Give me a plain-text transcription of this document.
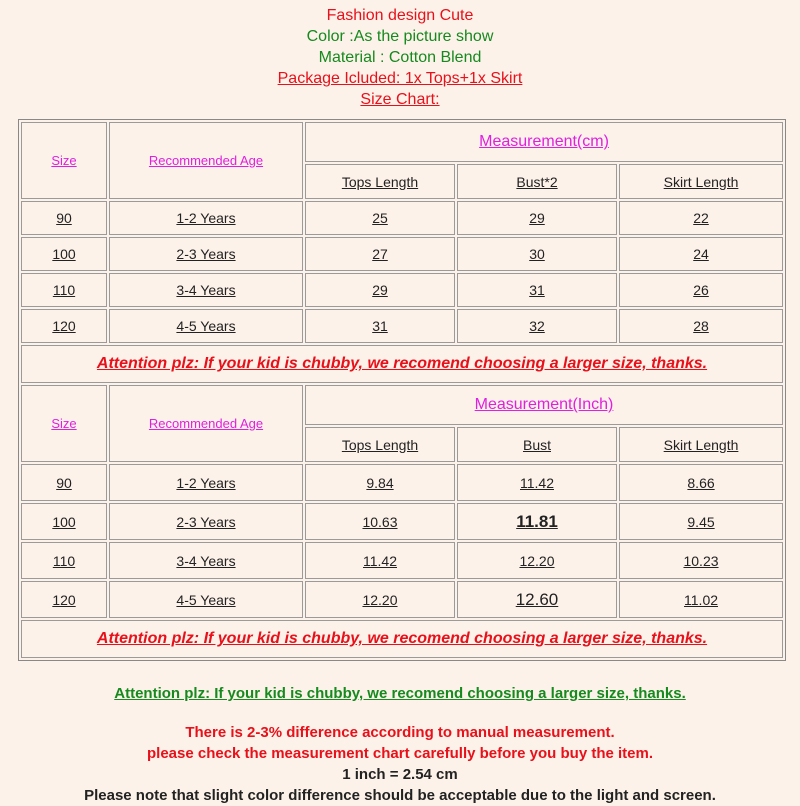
Fashion design Cute
Color :As the picture show
Material : Cotton Blend
Package Icluded: 1x Tops+1x Skirt
Size Chart:
Size	Recommended Age	Measurement(cm)		
		Tops Length	Bust*2	Skirt Length
90	1-2 Years	25	29	22
100	2-3 Years	27	30	24
110	3-4 Years	29	31	26
120	4-5 Years	31	32	28
Attention plz: If your kid is chubby, we recomend choosing a larger size, thanks.				
Size	Recommended Age	Measurement(Inch)		
		Tops Length	Bust	Skirt Length
90	1-2 Years	9.84	11.42	8.66
100	2-3 Years	10.63	11.81	9.45
110	3-4 Years	11.42	12.20	10.23
120	4-5 Years	12.20	12.60	11.02
Attention plz: If your kid is chubby, we recomend choosing a larger size, thanks.				
Attention plz: If your kid is chubby, we recomend choosing a larger size, thanks.
There is 2-3% difference according to manual measurement.
please check the measurement chart carefully before you buy the item.
1 inch = 2.54 cm
Please note that slight color difference should be acceptable due to the light and screen.
